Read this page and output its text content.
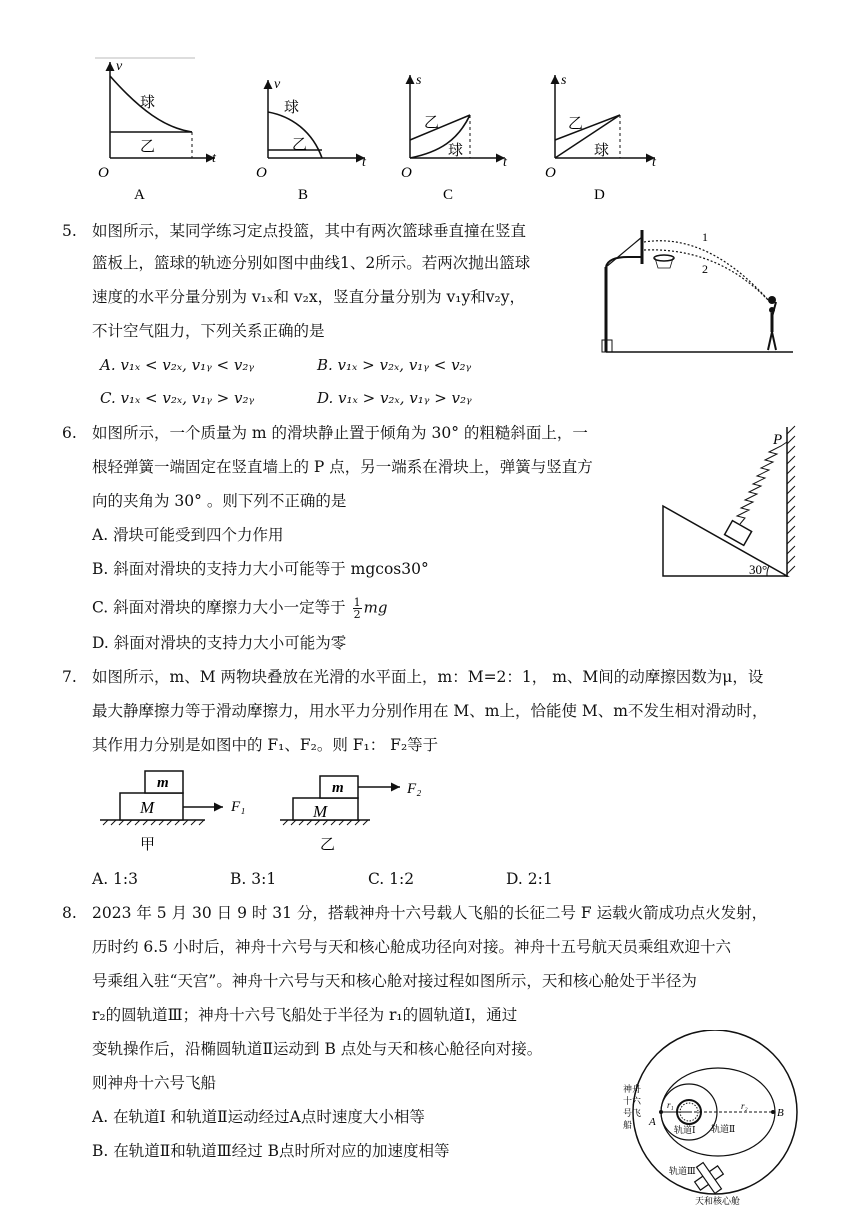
v
球
乙
t
O
A
v
球
乙
t
O
B
s
乙
球
t
O
C
s
乙
球
t
O
D
5. 如图所示，某同学练习定点投篮，其中有两次篮球垂直撞在竖直
篮板上，篮球的轨迹分别如图中曲线1、2所示。若两次抛出篮球
速度的水平分量分别为 v₁ₓ和 v₂x，竖直分量分别为 v₁y和v₂y，
不计空气阻力，下列关系正确的是
A. v₁ₓ < v₂ₓ, v₁ᵧ < v₂ᵧ	B. v₁ₓ > v₂ₓ, v₁ᵧ < v₂ᵧ
C. v₁ₓ < v₂ₓ, v₁ᵧ > v₂ᵧ	D. v₁ₓ > v₂ₓ, v₁ᵧ > v₂ᵧ
1
2
6. 如图所示，一个质量为 m 的滑块静止置于倾角为 30° 的粗糙斜面上，一
根轻弹簧一端固定在竖直墙上的 P 点，另一端系在滑块上，弹簧与竖直方
向的夹角为 30° 。则下列不正确的是
A. 滑块可能受到四个力作用
B. 斜面对滑块的支持力大小可能等于 mgcos30°
C. 斜面对滑块的摩擦力大小一定等于 $\frac{1}{2}$ mg
D. 斜面对滑块的支持力大小可能为零
P
30°
7. 如图所示，m、M 两物块叠放在光滑的水平面上，m：M=2：1， m、M间的动摩擦因数为μ，设
最大静摩擦力等于滑动摩擦力，用水平力分别作用在 M、m上，恰能使 M、m不发生相对滑动时，
其作用力分别是如图中的 F₁、F₂。则 F₁： F₂等于
m
M	F₁
甲
m
M
F₂
乙
A. 1:3	B. 3:1	C. 1:2	D. 2:1
8. 2023 年 5 月 30 日 9 时 31 分，搭载神舟十六号载人飞船的长征二号 F 运载火箭成功点火发射，
历时约 6.5 小时后，神舟十六号与天和核心舱成功径向对接。神舟十五号航天员乘组欢迎十六
号乘组入驻“天宫”。神舟十六号与天和核心舱对接过程如图所示，天和核心舱处于半径为
r₂的圆轨道Ⅲ；神舟十六号飞船处于半径为 r₁的圆轨道Ⅰ，通过
变轨操作后，沿椭圆轨道Ⅱ运动到 B 点处与天和核心舱径向对接。
则神舟十六号飞船
A. 在轨道Ⅰ 和轨道Ⅱ运动经过A点时速度大小相等
B. 在轨道Ⅱ和轨道Ⅲ经过 B点时所对应的加速度相等
神舟
十六
号飞
船
r₁	r₂
A
B
轨道Ⅰ 轨道Ⅱ
轨道Ⅲ
天和核心舱
